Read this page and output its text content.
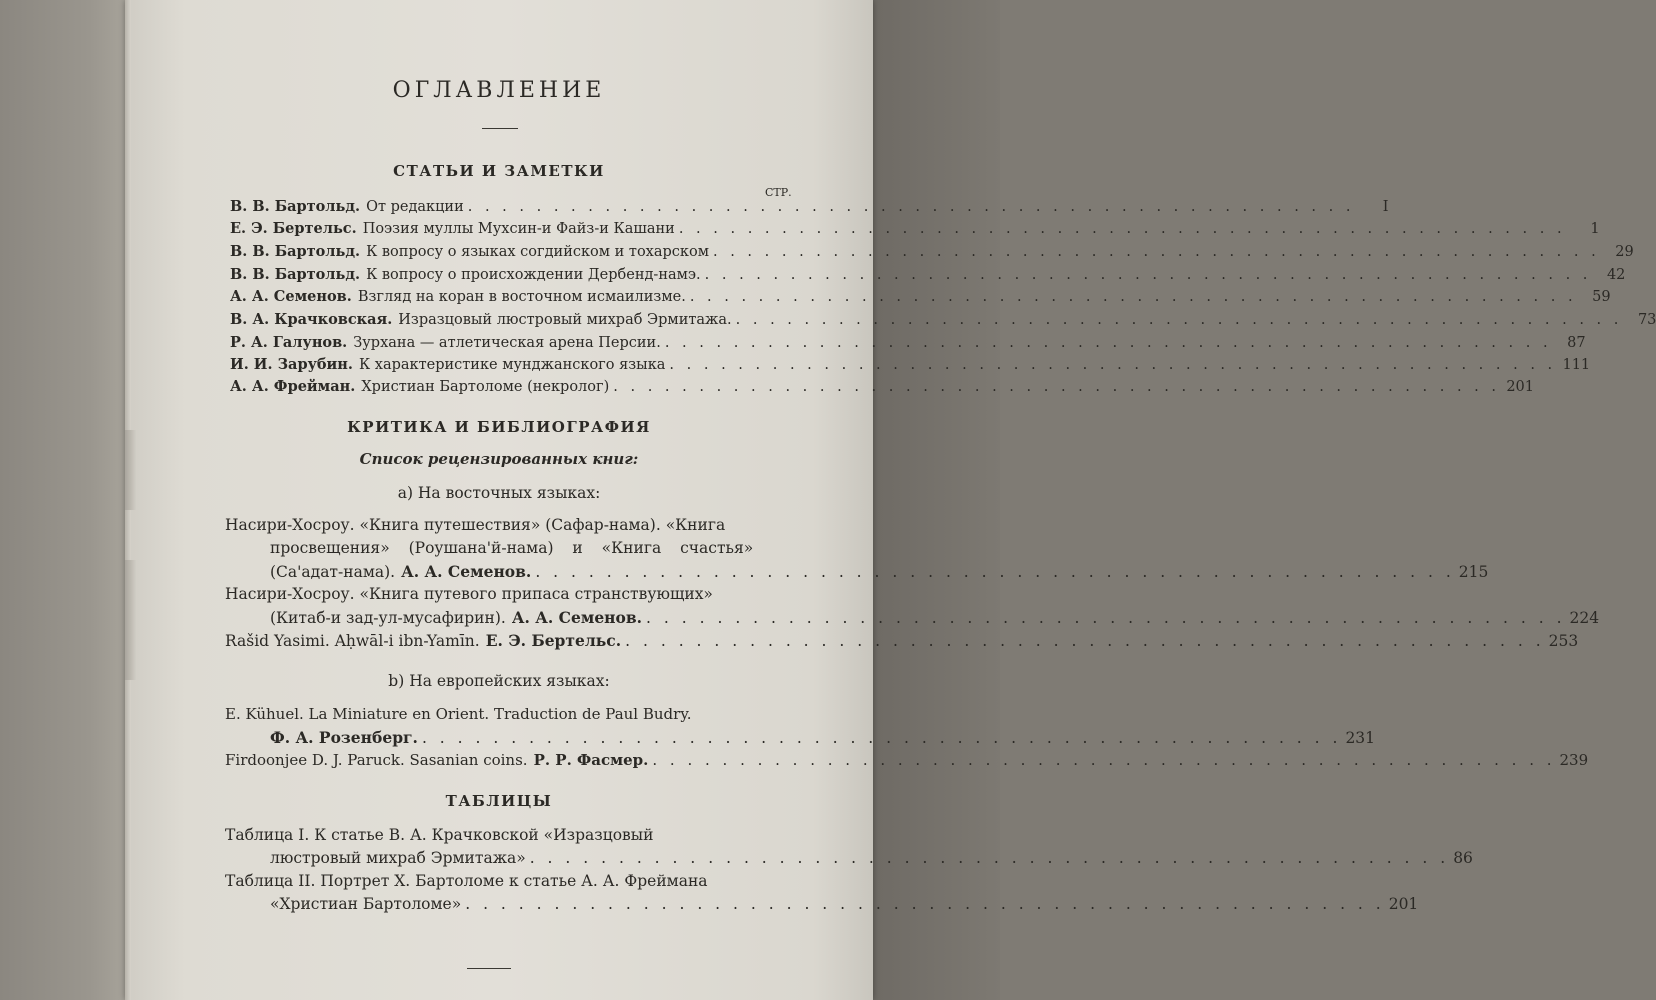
ОГЛАВЛЕНИЕ
СТАТЬИ И ЗАМЕТКИ
СТР.
В. В. Бартольд. От редакции . . . . . . . . . . . . . . . . . . . . . . . . . . . . . . . . . . . . . . . . . . . . . . . . . . . .	I
Е. Э. Бертельс. Поэзия муллы Мухсин-и Файз-и Кашани . . . . . . . . . . . . . . . . . . . . . . . . . . . . . . . . . . . . . . . . . . . . . . . . . . . .	1
В. В. Бартольд. К вопросу о языках согдийском и тохарском . . . . . . . . . . . . . . . . . . . . . . . . . . . . . . . . . . . . . . . . . . . . . . . . . . . .	29
В. В. Бартольд. К вопросу о происхождении Дербенд-намэ. . . . . . . . . . . . . . . . . . . . . . . . . . . . . . . . . . . . . . . . . . . . . . . . . . . . .	42
А. А. Семенов. Взгляд на коран в восточном исмаилизме. . . . . . . . . . . . . . . . . . . . . . . . . . . . . . . . . . . . . . . . . . . . . . . . . . . . .	59
В. А. Крачковская. Изразцовый люстровый михраб Эрмитажа. . . . . . . . . . . . . . . . . . . . . . . . . . . . . . . . . . . . . . . . . . . . . . . . . . . . .	73
Р. А. Галунов. Зурхана — атлетическая арена Персии. . . . . . . . . . . . . . . . . . . . . . . . . . . . . . . . . . . . . . . . . . . . . . . . . . . . .	87
И. И. Зарубин. К характеристике мунджанского языка . . . . . . . . . . . . . . . . . . . . . . . . . . . . . . . . . . . . . . . . . . . . . . . . . . . . 111
А. А. Фрейман. Христиан Бартоломе (некролог) . . . . . . . . . . . . . . . . . . . . . . . . . . . . . . . . . . . . . . . . . . . . . . . . . . . . 201
КРИТИКА И БИБЛИОГРАФИЯ
Список рецензированных книг:
а) На восточных языках:
Насири-Хосроу. «Книга путешествия» (Сафар-нама). «Книга
просвещения» (Роушана'й-нама) и «Книга счастья»
(Са'адат-нама). А. А. Семенов. . . . . . . . . . . . . . . . . . . . . . . . . . . . . . . . . . . . . . . . . . . . . . . . . . . . . 215
Насири-Хосроу. «Книга путевого припаса странствующих»
(Китаб-и зад-ул-мусафирин). А. А. Семенов. . . . . . . . . . . . . . . . . . . . . . . . . . . . . . . . . . . . . . . . . . . . . . . . . . . . . 224
Rašid Yasimi. Aḥwāl-i ibn-Yamīn. Е. Э. Бертельс. . . . . . . . . . . . . . . . . . . . . . . . . . . . . . . . . . . . . . . . . . . . . . . . . . . . . 253
b) На европейских языках:
E. Kühuel. La Miniature en Orient. Traduction de Paul Budry.
Ф. А. Розенберг. . . . . . . . . . . . . . . . . . . . . . . . . . . . . . . . . . . . . . . . . . . . . . . . . . . . . 231
Firdoonjee D. J. Paruck. Sasanian coins. Р. Р. Фасмер. . . . . . . . . . . . . . . . . . . . . . . . . . . . . . . . . . . . . . . . . . . . . . . . . . . . . 239
ТАБЛИЦЫ
Таблица I. К статье В. А. Крачковской «Изразцовый
люстровый михраб Эрмитажа» . . . . . . . . . . . . . . . . . . . . . . . . . . . . . . . . . . . . . . . . . . . . . . . . . . . . 86
Таблица II. Портрет Х. Бартоломе к статье А. А. Фреймана
«Христиан Бартоломе» . . . . . . . . . . . . . . . . . . . . . . . . . . . . . . . . . . . . . . . . . . . . . . . . . . . . 201
